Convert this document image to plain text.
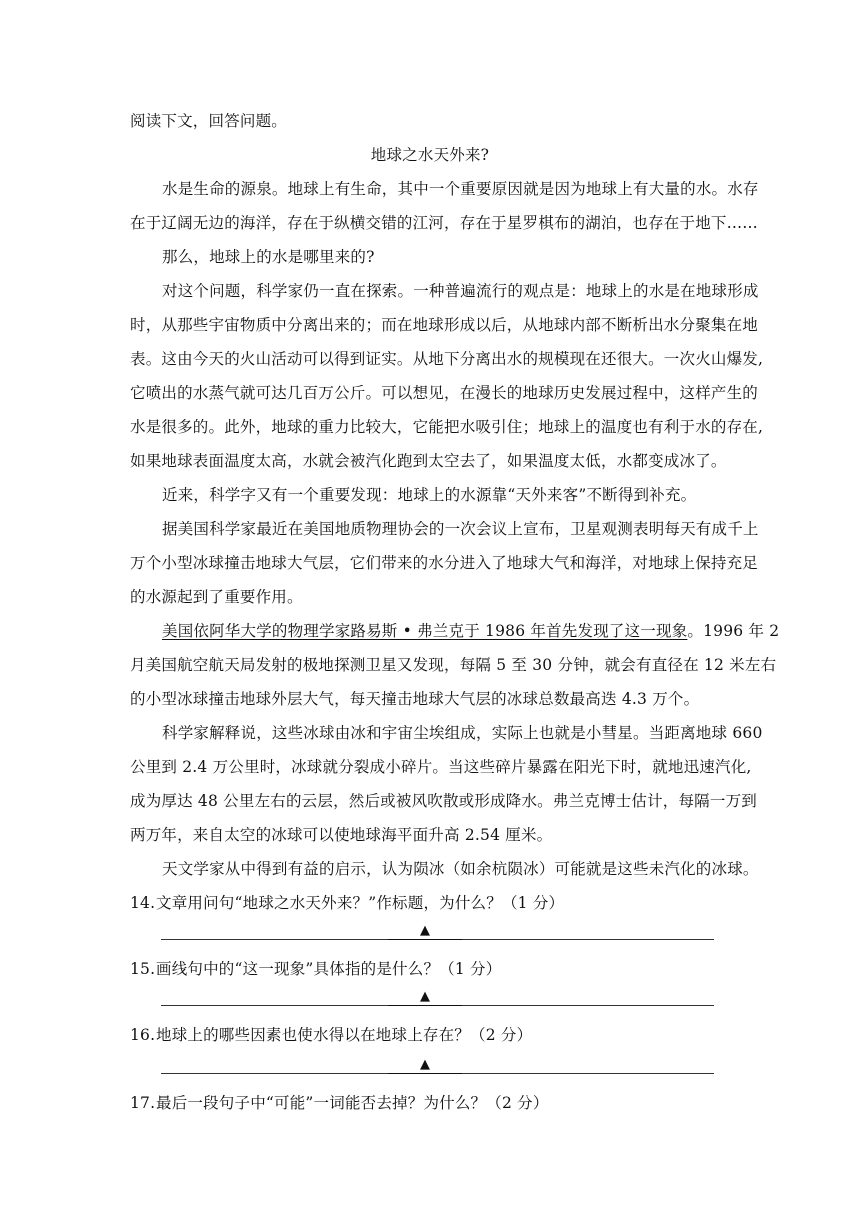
阅读下文，回答问题。
地球之水天外来?
水是生命的源泉。地球上有生命，其中一个重要原因就是因为地球上有大量的水。水存
在于辽阔无边的海洋，存在于纵横交错的江河，存在于星罗棋布的湖泊，也存在于地下……
那么，地球上的水是哪里来的?
对这个问题，科学家仍一直在探索。一种普遍流行的观点是：地球上的水是在地球形成
时，从那些宇宙物质中分离出来的；而在地球形成以后，从地球内部不断析出水分聚集在地
表。这由今天的火山活动可以得到证实。从地下分离出水的规模现在还很大。一次火山爆发,
它喷出的水蒸气就可达几百万公斤。可以想见，在漫长的地球历史发展过程中，这样产生的
水是很多的。此外，地球的重力比较大，它能把水吸引住；地球上的温度也有利于水的存在,
如果地球表面温度太高，水就会被汽化跑到太空去了，如果温度太低，水都变成冰了。
近来，科学字又有一个重要发现：地球上的水源靠“天外来客”不断得到补充。
据美国科学家最近在美国地质物理协会的一次会议上宣布，卫星观测表明每天有成千上
万个小型冰球撞击地球大气层，它们带来的水分进入了地球大气和海洋，对地球上保持充足
的水源起到了重要作用。
美国依阿华大学的物理学家路易斯 • 弗兰克于 1986 年首先发现了这一现象。1996 年 2
月美国航空航天局发射的极地探测卫星又发现，每隔 5 至 30 分钟，就会有直径在 12 米左右
的小型冰球撞击地球外层大气，每天撞击地球大气层的冰球总数最高迭 4.3 万个。
科学家解释说，这些冰球由冰和宇宙尘埃组成，实际上也就是小彗星。当距离地球 660
公里到 2.4 万公里时，冰球就分裂成小碎片。当这些碎片暴露在阳光下时，就地迅速汽化,
成为厚达 48 公里左右的云层，然后或被风吹散或形成降水。弗兰克博士估计，每隔一万到
两万年，来自太空的冰球可以使地球海平面升高 2.54 厘米。
天文学家从中得到有益的启示，认为陨冰（如余杭陨冰）可能就是这些未汽化的冰球。
14.文章用问句“地球之水天外来？”作标题，为什么？（1 分）
▲
15.画线句中的“这一现象”具体指的是什么？（1 分）
▲
16.地球上的哪些因素也使水得以在地球上存在？（2 分）
▲
17.最后一段句子中“可能”一词能否去掉？为什么？（2 分）
